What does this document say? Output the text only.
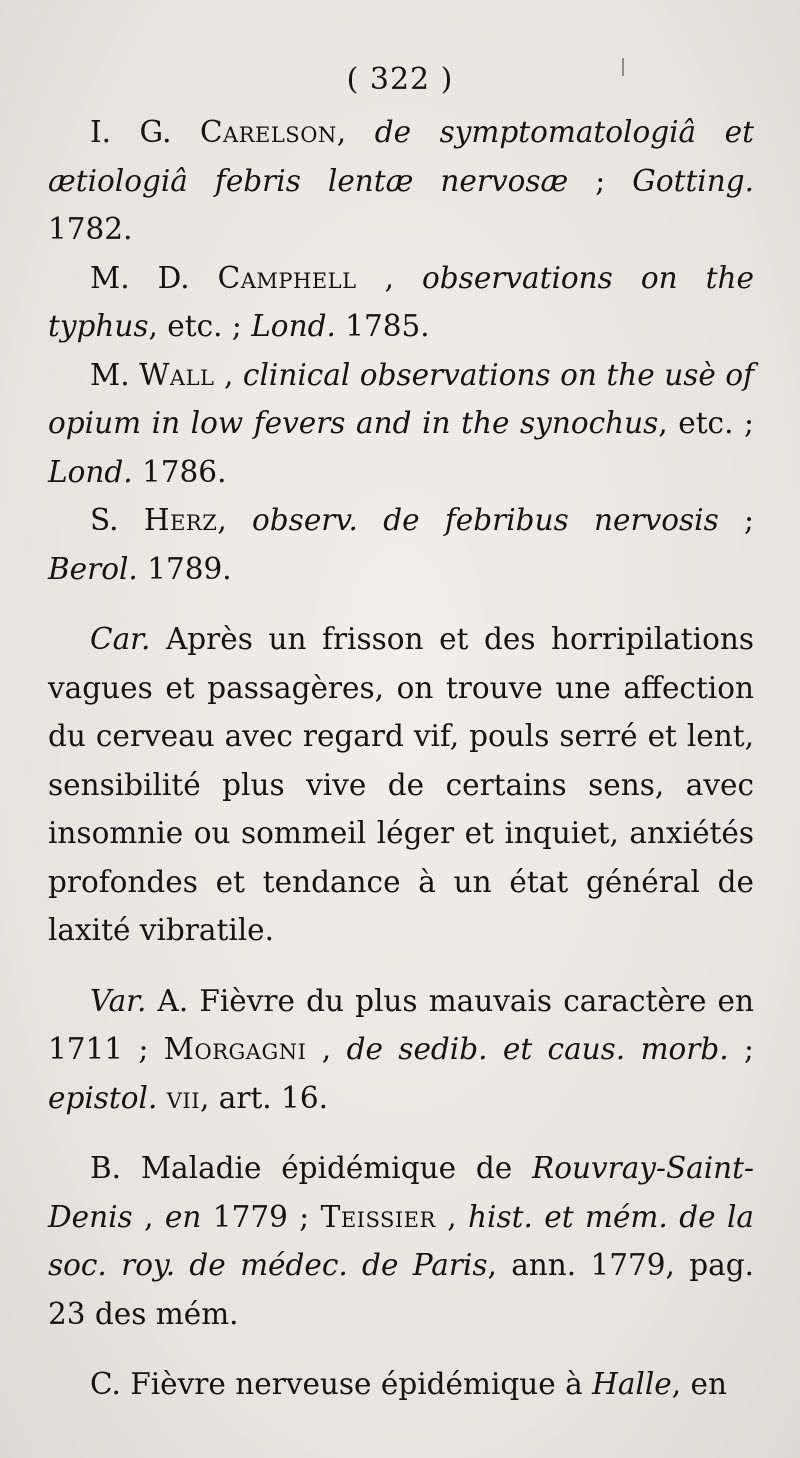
( 322 )

I. G. Carelson, de symptomatologiâ et ætiologiâ febris lentæ nervosæ ; Gotting. 1782.

M. D. Camphell , observations on the typhus, etc. ; Lond. 1785.

M. Wall , clinical observations on the usè of opium in low fevers and in the synochus, etc. ; Lond. 1786.

S. Herz, observ. de febribus nervosis ; Berol. 1789.

Car. Après un frisson et des horripilations vagues et passagères, on trouve une affection du cerveau avec regard vif, pouls serré et lent, sensibilité plus vive de certains sens, avec insomnie ou sommeil léger et inquiet, anxiétés profondes et tendance à un état général de laxité vibratile.

Var. A. Fièvre du plus mauvais caractère en 1711 ; Morgagni , de sedib. et caus. morb. ; epistol. vii, art. 16.

B. Maladie épidémique de Rouvray-Saint-Denis , en 1779 ; Teissier , hist. et mém. de la soc. roy. de médec. de Paris, ann. 1779, pag. 23 des mém.

C. Fièvre nerveuse épidémique à Halle, en
